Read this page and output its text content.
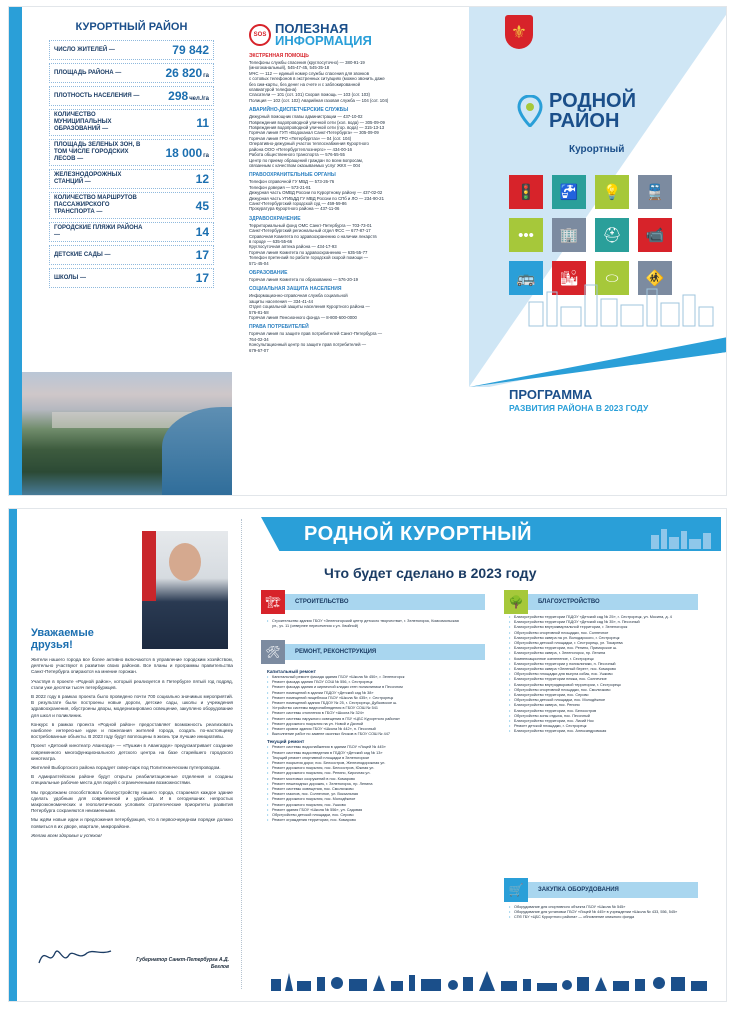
КУРОРТНЫЙ РАЙОН
ЧИСЛО ЖИТЕЛЕЙ —	79 842
ПЛОЩАДЬ РАЙОНА —	26 820га
ПЛОТНОСТЬ НАСЕЛЕНИЯ — 298чел./га
КОЛИЧЕСТВО МУНИЦИПАЛЬНЫХ ОБРАЗОВАНИЙ —	11
ПЛОЩАДЬ ЗЕЛЕНЫХ ЗОН, В ТОМ ЧИСЛЕ ГОРОДСКИХ ЛЕСОВ —	18 000га
ЖЕЛЕЗНОДОРОЖНЫХ СТАНЦИЙ —	12
КОЛИЧЕСТВО МАРШРУТОВ ПАССАЖИРСКОГО ТРАНСПОРТА —	45
ГОРОДСКИЕ ПЛЯЖИ РАЙОНА —	14
ДЕТСКИЕ САДЫ —	17
ШКОЛЫ —	17
SOS ПОЛЕЗНАЯ
ИНФОРМАЦИЯ
ЭКСТРЕННАЯ ПОМОЩЬ
Телефоны службы спасения (круглосуточно) — 380-91-19
(многоканальный), 545-47-45, 545-35-18
МЧС — 112 — единый номер службы спасения для звонков
с сотовых телефонов в экстренных ситуациях (можно звонить даже
без сим-карты, без денег на счете и с заблокированной
клавиатурой телефона)
Спасатели — 101 (сот. 101) Скорая помощь — 103 (сот. 103)
Полиция — 102 (сот. 102) Аварийная газовая служба — 104 (сот. 104)
АВАРИЙНО-ДИСПЕТЧЕРСКИЕ СЛУЖБЫ
Дежурный помощник главы администрации — 437-10-02
Повреждения водопроводной уличной сети (хол. вода) — 305-09-09
Повреждения водопроводной уличной сети (гор. вода) — 315-13-13
Горячая линия ГУП «Водоканал Санкт-Петербурга» — 305-09-09
Горячая линия ГРО «Петербурггаз» — 04 (сот. 104)
Оперативно-дежурный участок теплоснабжения Курортного
района ООО «Петербургтеплоэнерго» — 434-00-16
Работа общественного транспорта — 576-55-55
Центр по приему обращений граждан по всем вопросам,
связанным с качеством оказываемых услуг ЖКХ — 004
ПРАВООХРАНИТЕЛЬНЫЕ ОРГАНЫ
Телефон справочной ГУ МВД — 573-26-76
Телефон доверия — 573-21-81
Дежурная часть ОМВД России по Курортному району — 437-02-02
Дежурная часть УГИБДД ГУ МВД России по СПб и ЛО — 234-90-21
Санкт-Петербургский городской суд — 459-59-86
Прокуратура Курортного района — 437-11-06
ЗДРАВООХРАНЕНИЕ
Территориальный фонд ОМС Санкт-Петербурга — 703-73-01
Санкт-Петербургский региональный отдел ФСС — 677-87-17
Справочная Комитета по здравоохранению о наличии лекарств
в городе — 635-55-66
Круглосуточная аптека района — 434-17-93
Горячая линия Комитета по здравоохранению — 635-55-77
Телефон претензий по работе городской скорой помощи —
571-45-04
ОБРАЗОВАНИЕ
Горячая линия Комитета по образованию — 576-20-19
СОЦИАЛЬНАЯ ЗАЩИТА НАСЕЛЕНИЯ
Информационно-справочная служба социальной
защиты населения — 334-41-44
Отдел социальной защиты населения Курортного района —
576-81-58
Горячая линия Пенсионного фонда — 8-800-600-0000
ПРАВА ПОТРЕБИТЕЛЕЙ
Горячая линия по защите прав потребителей Санкт-Петербурга —
764-02-34
Консультационный центр по защите прав потребителей —
679-67-07
⚜
РОДНОЙ
РАЙОН
Курортный
🚦	🚰	💡	🚆
•••	🏢	⛑	📹
🚌	🏙	⬭	🚸
ПРОГРАММА
РАЗВИТИЯ РАЙОНА В 2023 ГОДУ
Уважаемые
друзья!

Жители нашего города все более активно включаются в управление городским хозяйством, деятельно участвуют в развитии своих районов. Все планы и программы правительства Санкт-Петербурга опираются на мнение горожан.

Участвуя в проекте «Родной район», который реализуется в Петербурге пятый год подряд, стали уже десятки тысяч петербуржцев.

В 2022 году в рамках проекта было проведено почти 700 социально значимых мероприятий. В результате были построены новые дороги, детские сады, школы и учреждения здравоохранения, обустроены дворы, модернизировано освещение, закуплено оборудование для школ и поликлиник.

Конкурс в рамках проекта «Родной район» предоставляет возможность реализовать наиболее интересные идеи и пожелания жителей города, создать по-настоящему востребованные объекты. В 2023 году будут воплощены в жизнь три лучшие инициативы.

Проект «Детский кинотеатр Авангард» — «Пушкин в Авангарде» предусматривает создание современного многофункционального детского центра на базе старейшего городского кинотеатра.

Жителей Выборгского района порадует сквер-парк под Политехническим путепроводом.

В Адмиралтейском районе будут открыты реабилитационные отделения и созданы специальные рабочие места для людей с ограниченными возможностями.

Мы продолжаем способствовать благоустройству нашего города, стараемся каждое здание сделать удобным для современной и удобным. И в сегодняшних непростых макроэкономических и геополитических условиях стратегические приоритеты развития Петербурга сохраняются неизменными.

Мы ждём новые идеи и предложения петербуржцев, что в первоочередном порядке должно появиться в их дворе, квартале, микрорайоне.

Желаю всем здоровья и успехов!

Губернатор Санкт-Петербурга А.Д. Беглов
РОДНОЙ КУРОРТНЫЙ
Что будет сделано в 2023 году
🏗	СТРОИТЕЛЬСТВО
• Строительство здания ГБОУ «Зеленогорский центр детского творчества», г. Зеленогорск, Комсомольская ул., уч. 11 (севернее пересечения с ул. Хвойной)
🛠	РЕМОНТ, РЕКОНСТРУКЦИЯ
Капитальный ремонт
• Капитальный ремонт фасада здания ГБОУ «Школа № 450», г. Зеленогорск
• Ремонт фасада здания ГБОУ СОШ № 556, г. Сестрорецк
• Ремонт фасада здания и кирпичной кладки стен поликлиники в Песочном
• Ремонт помещений в здании ГБДОУ «Детский сад № 38»
• Ремонт помещений пищеблока ГБОУ «Школа № 435», г. Сестрорецк
• Ремонт помещений здания ГБДОУ № 25, г. Сестрорецк, Дубковское ш.
• Устройство системы видеонаблюдения в ГБОУ СОШ № 541
• Ремонт системы отопления в ГБОУ «Школа № 324»
• Ремонт системы наружного освещения в ГБУ «ЦБС Курортного района»
• Ремонт дорожного покрытия на ул. Новой и Дачной
• Ремонт кровли здания ГБОУ «Школа № 442», п. Песочный
• Выполнение работ по замене оконных блоков в ГБОУ СОШ № 447
Текущий ремонт
• Ремонт системы водоснабжения в здании ГБОУ «Лицей № 445»
• Ремонт системы водоотведения в ГБДОУ «Детский сад № 13»
• Текущий ремонт спортивной площадки в Зеленогорске
• Ремонт покрытия дорог, пос. Белоостров, Железнодорожная ул.
• Ремонт дорожного покрытия, пос. Белоостров, Южная ул.
• Ремонт дорожного покрытия, пос. Репино, Кирочная ул.
• Ремонт мостовых сооружений в пос. Комарово
• Ремонт пешеходных дорожек, г. Зеленогорск, пр. Ленина
• Ремонт системы освещения, пос. Смолячково
• Ремонт газонов, пос. Солнечное, ул. Вокзальная
• Ремонт дорожного покрытия, пос. Молодёжное
• Ремонт дорожного покрытия, пос. Ушково
• Ремонт здания ГБОУ «Школа № 556», ул. Садовая
• Обустройство детской площадки, пос. Серово
• Ремонт ограждения территории, пос. Комарово
🌳	БЛАГОУСТРОЙСТВО
• Благоустройство территории ГБДОУ «Детский сад № 25», г. Сестрорецк, ул. Мосина, д. 4
• Благоустройство территории ГБДОУ «Детский сад № 35», п. Песочный
• Благоустройство внутриквартальной территории, г. Зеленогорск
• Обустройство спортивной площадки, пос. Солнечное
• Благоустройство сквера на ул. Володарского, г. Сестрорецк
• Обустройство детской площадки, г. Сестрорецк, ул. Токарева
• Благоустройство территории, пос. Репино, Приморское ш.
• Благоустройство сквера, г. Зеленогорск, пр. Ленина
• Компенсационное озеленение, г. Сестрорецк
• Благоустройство территории у поликлиники, п. Песочный
• Благоустройство сквера «Зеленый берег», пос. Комарово
• Обустройство площадки для выгула собак, пос. Ушково
• Благоустройство территории пляжа, пос. Солнечное
• Благоустройство внутридворовой территории, г. Сестрорецк
• Обустройство спортивной площадки, пос. Смолячково
• Благоустройство территории, пос. Серово
• Обустройство детской площадки, пос. Молодёжное
• Благоустройство сквера, пос. Репино
• Благоустройство территории, пос. Белоостров
• Обустройство зоны отдыха, пос. Песочный
• Благоустройство территории, пос. Лисий Нос
• Ремонт детской площадки, г. Сестрорецк
• Благоустройство территории, пос. Александровская
🛒	ЗАКУПКА ОБОРУДОВАНИЯ
• Оборудование для спортивного объекта ГБОУ «Школа № 545»
• Оборудование для установки ГБОУ «Лицей № 445» в учреждении «Школа № 433, 556, 545»
• СПб ГБУ «ЦБС Курортного района» — обновление книжного фонда
